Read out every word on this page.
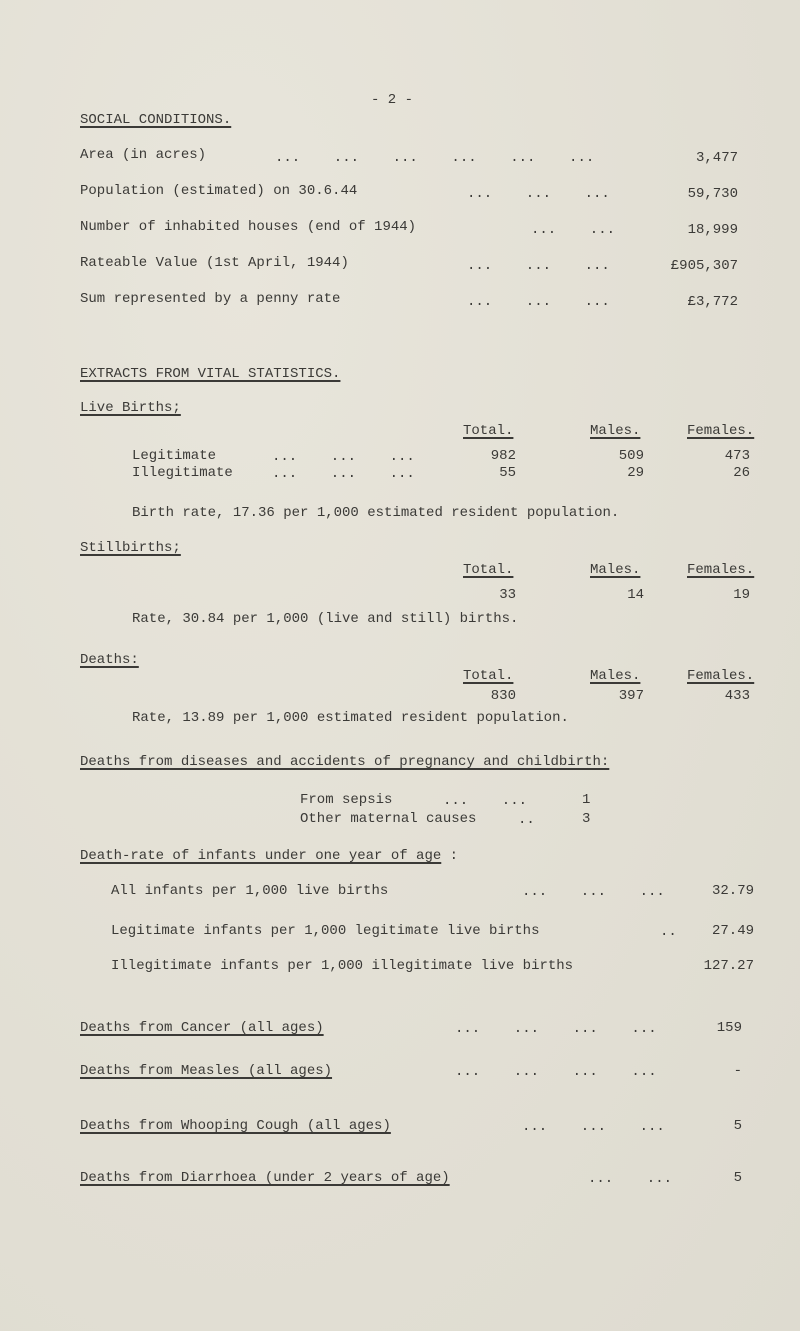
- 2 -
SOCIAL CONDITIONS.
Area (in acres)	...    ...    ...    ...    ...    ...	3,477
Population (estimated) on 30.6.44	...    ...    ...	59,730
Number of inhabited houses (end of 1944)	...    ...	18,999
Rateable Value (1st April, 1944)	...    ...    ...	£905,307
Sum represented by a penny rate	...    ...    ...	£3,772
EXTRACTS FROM VITAL STATISTICS.
Live Births;
Total.	Males.	Females.
Legitimate	...    ...    ...	982	509	473
Illegitimate	...    ...    ...	55	29	26
Birth rate, 17.36 per 1,000 estimated resident population.
Stillbirths;
Total.	Males.	Females.
33	14	19
Rate, 30.84 per 1,000 (live and still) births.
Deaths:
Total.	Males.	Females.
830	397	433
Rate, 13.89 per 1,000 estimated resident population.
Deaths from diseases and accidents of pregnancy and childbirth:
From sepsis	...    ...	1
Other maternal causes	..	3
Death-rate of infants under one year of age :
All infants per 1,000 live births	...    ...    ...	32.79
Legitimate infants per 1,000 legitimate live births	..	27.49
Illegitimate infants per 1,000 illegitimate live births	127.27
Deaths from Cancer (all ages)	...    ...    ...    ...	159
Deaths from Measles (all ages)	...    ...    ...    ...	-
Deaths from Whooping Cough (all ages)	...    ...    ...	5
Deaths from Diarrhoea (under 2 years of age)	...    ...	5
